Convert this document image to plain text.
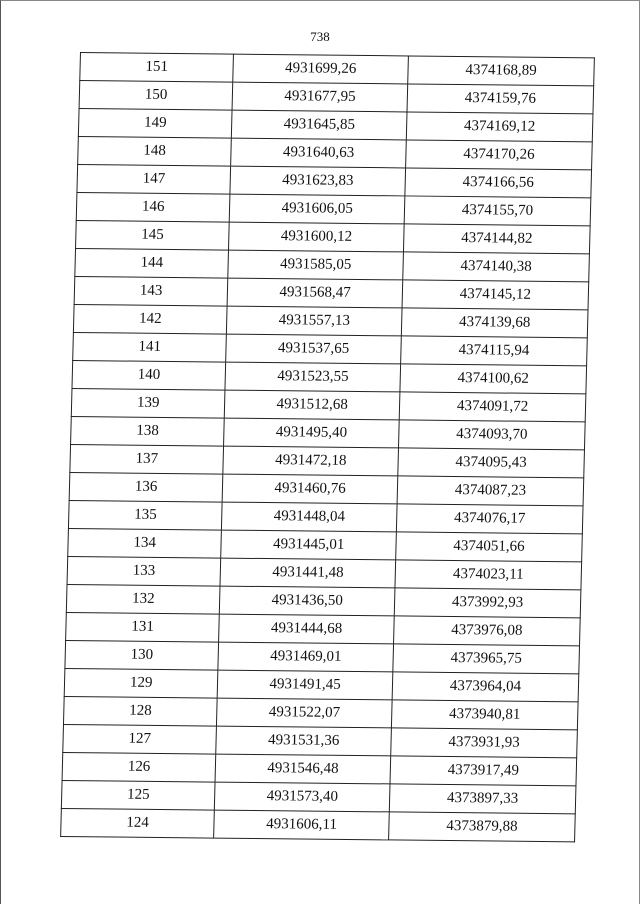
738
151	4931699,26	4374168,89
150	4931677,95	4374159,76
149	4931645,85	4374169,12
148	4931640,63	4374170,26
147	4931623,83	4374166,56
146	4931606,05	4374155,70
145	4931600,12	4374144,82
144	4931585,05	4374140,38
143	4931568,47	4374145,12
142	4931557,13	4374139,68
141	4931537,65	4374115,94
140	4931523,55	4374100,62
139	4931512,68	4374091,72
138	4931495,40	4374093,70
137	4931472,18	4374095,43
136	4931460,76	4374087,23
135	4931448,04	4374076,17
134	4931445,01	4374051,66
133	4931441,48	4374023,11
132	4931436,50	4373992,93
131	4931444,68	4373976,08
130	4931469,01	4373965,75
129	4931491,45	4373964,04
128	4931522,07	4373940,81
127	4931531,36	4373931,93
126	4931546,48	4373917,49
125	4931573,40	4373897,33
124	4931606,11	4373879,88
